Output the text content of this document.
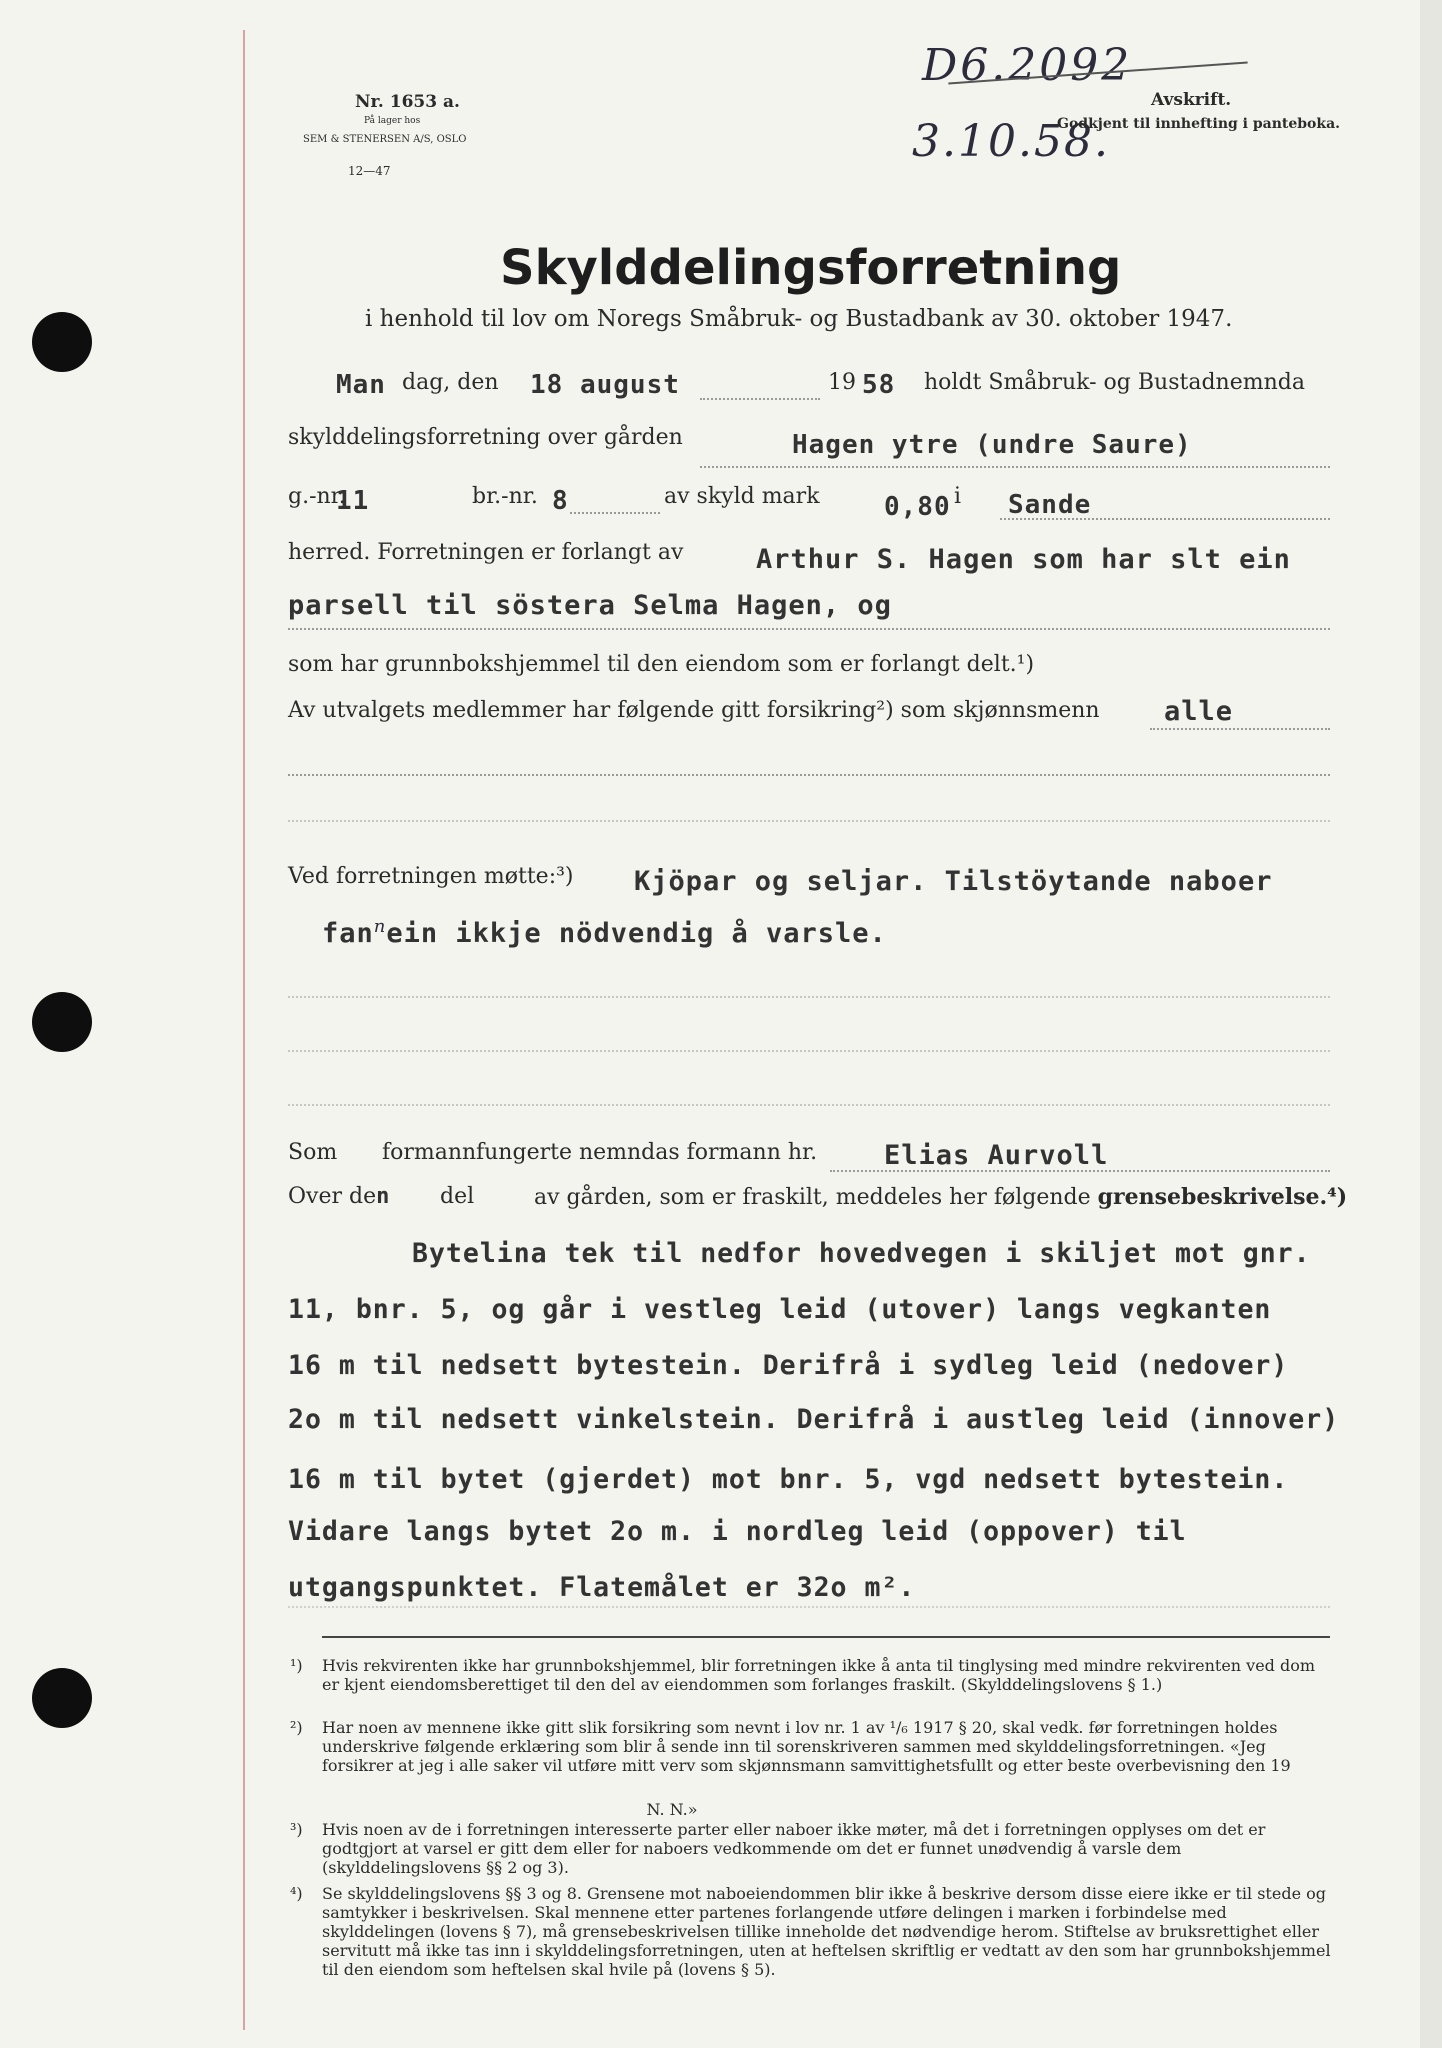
Nr. 1653 a.
På lager hos
SEM & STENERSEN A/S, OSLO
12—47
D6.2092
3.10.58.
Avskrift.
Godkjent til innhefting i panteboka.
Skylddelingsforretning
i henhold til lov om Noregs Småbruk- og Bustadbank av 30. oktober 1947.
Man dag, den 18 august	19 58 holdt Småbruk- og Bustadnemnda
skylddelingsforretning over gården	Hagen ytre (undre Saure)
g.-nr.
11	br.-nr. 8	av skyld mark 0,80 i Sande
herred. Forretningen er forlangt av	Arthur S. Hagen som har slt ein
parsell til söstera Selma Hagen, og
som har grunnbokshjemmel til den eiendom som er forlangt delt.¹)
Av utvalgets medlemmer har følgende gitt forsikring²) som skjønnsmenn alle
Ved forretningen møtte:³) Kjöpar og seljar. Tilstöytande naboer
fan$^n$ein ikkje nödvendig å varsle.
Som formann fungerte nemndas formann hr. Elias Aurvoll
Over den del	av gården, som er fraskilt, meddeles her følgende grensebeskrivelse.⁴)
Bytelina tek til nedfor hovedvegen i skiljet mot gnr.
11, bnr. 5, og går i vestleg leid (utover) langs vegkanten
16 m til nedsett bytestein. Derifrå i sydleg leid (nedover)
2o m til nedsett vinkelstein. Derifrå i austleg leid (innover)
16 m til bytet (gjerdet) mot bnr. 5, vgd nedsett bytestein.
Vidare langs bytet 2o m. i nordleg leid (oppover) til
utgangspunktet. Flatemålet er 32o m².
¹) Hvis rekvirenten ikke har grunnbokshjemmel, blir forretningen ikke å anta til tinglysing med mindre rekvirenten ved dom er kjent eiendomsberettiget til den del av eiendommen som forlanges fraskilt. (Skylddelingslovens § 1.)
²) Har noen av mennene ikke gitt slik forsikring som nevnt i lov nr. 1 av ¹/₆ 1917 § 20, skal vedk. før forretningen holdes underskrive følgende erklæring som blir å sende inn til sorenskriveren sammen med skylddelingsforretningen. «Jeg forsikrer at jeg i alle saker vil utføre mitt verv som skjønnsmann samvittighetsfullt og etter beste overbevisning den 19
N. N.»
³) Hvis noen av de i forretningen interesserte parter eller naboer ikke møter, må det i forretningen opplyses om det er godtgjort at varsel er gitt dem eller for naboers vedkommende om det er funnet unødvendig å varsle dem (skylddelingslovens §§ 2 og 3).
⁴) Se skylddelingslovens §§ 3 og 8. Grensene mot naboeiendommen blir ikke å beskrive dersom disse eiere ikke er til stede og samtykker i beskrivelsen. Skal mennene etter partenes forlangende utføre delingen i marken i forbindelse med skylddelingen (lovens § 7), må grensebeskrivelsen tillike inneholde det nødvendige herom. Stiftelse av bruksrettighet eller servitutt må ikke tas inn i skylddelingsforretningen, uten at heftelsen skriftlig er vedtatt av den som har grunnbokshjemmel til den eiendom som heftelsen skal hvile på (lovens § 5).
